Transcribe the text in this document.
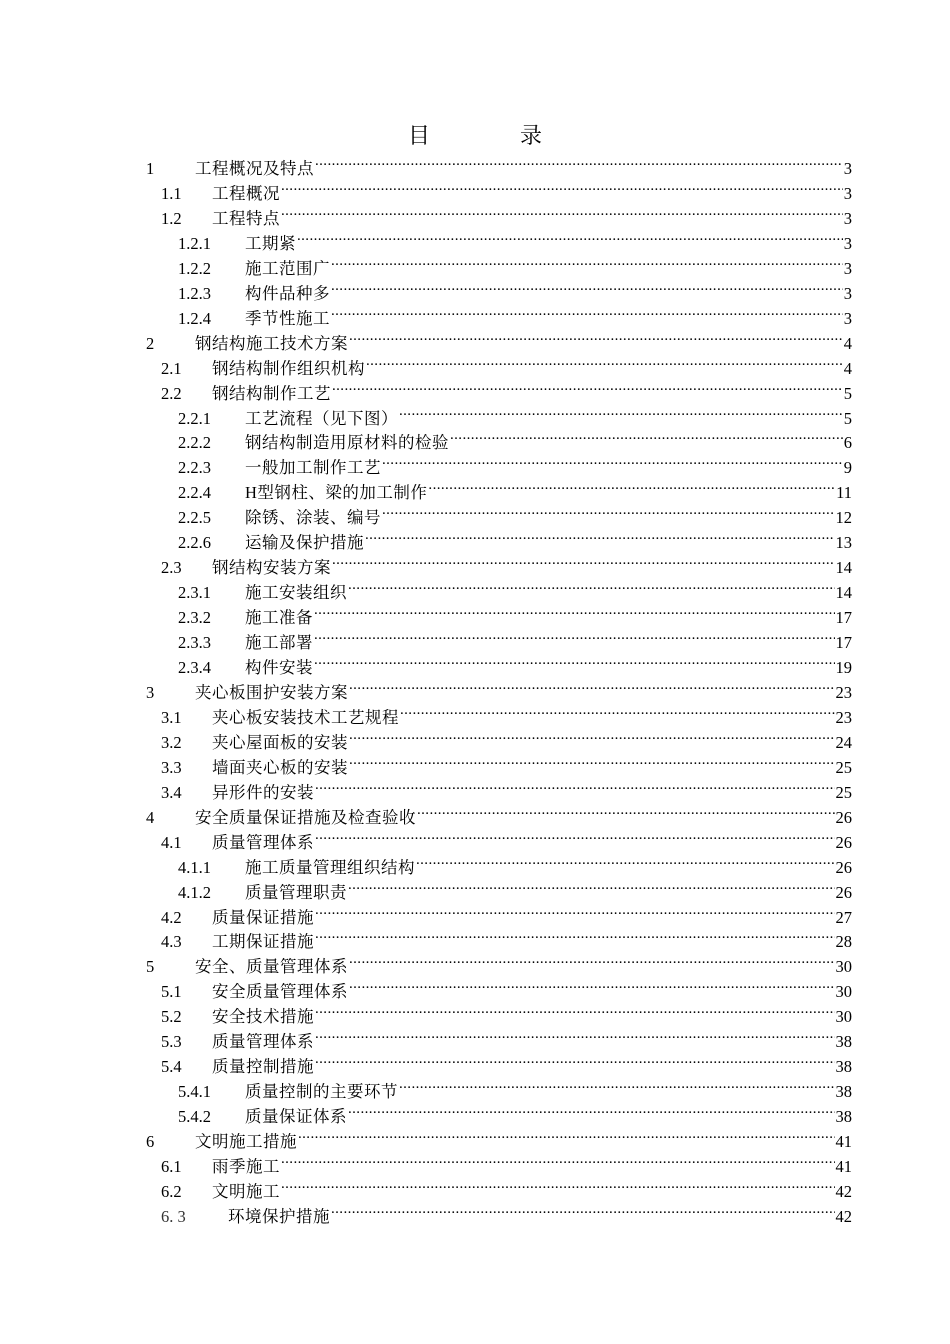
目　录
1	工程概况及特点 .....	3
1.1	工程概况 .....	3
1.2	工程特点 .....	3
1.2.1	工期紧 .....	3
1.2.2	施工范围广 .....	3
1.2.3	构件品种多 .....	3
1.2.4	季节性施工 .....	3
2	钢结构施工技术方案 .....	4
2.1	钢结构制作组织机构 .....	4
2.2	钢结构制作工艺 .....	5
2.2.1	工艺流程（见下图） .....	5
2.2.2	钢结构制造用原材料的检验 .....	6
2.2.3	一般加工制作工艺 .....	9
2.2.4	H型钢柱、梁的加工制作 .....	11
2.2.5	除锈、涂装、编号 .....	12
2.2.6	运输及保护措施 .....	13
2.3	钢结构安装方案 .....	14
2.3.1	施工安装组织 .....	14
2.3.2	施工准备 .....	17
2.3.3	施工部署 .....	17
2.3.4	构件安装 .....	19
3	夹心板围护安装方案 .....	23
3.1	夹心板安装技术工艺规程 .....	23
3.2	夹心屋面板的安装 .....	24
3.3	墙面夹心板的安装 .....	25
3.4	异形件的安装 .....	25
4	安全质量保证措施及检查验收 .....	26
4.1	质量管理体系 .....	26
4.1.1	施工质量管理组织结构 .....	26
4.1.2	质量管理职责 .....	26
4.2	质量保证措施 .....	27
4.3	工期保证措施 .....	28
5	安全、质量管理体系 .....	30
5.1	安全质量管理体系 .....	30
5.2	安全技术措施 .....	30
5.3	质量管理体系 .....	38
5.4	质量控制措施 .....	38
5.4.1	质量控制的主要环节 .....	38
5.4.2	质量保证体系 .....	38
6	文明施工措施 .....	41
6.1	雨季施工 .....	41
6.2	文明施工 .....	42
6. 3	环境保护措施 .....	42
